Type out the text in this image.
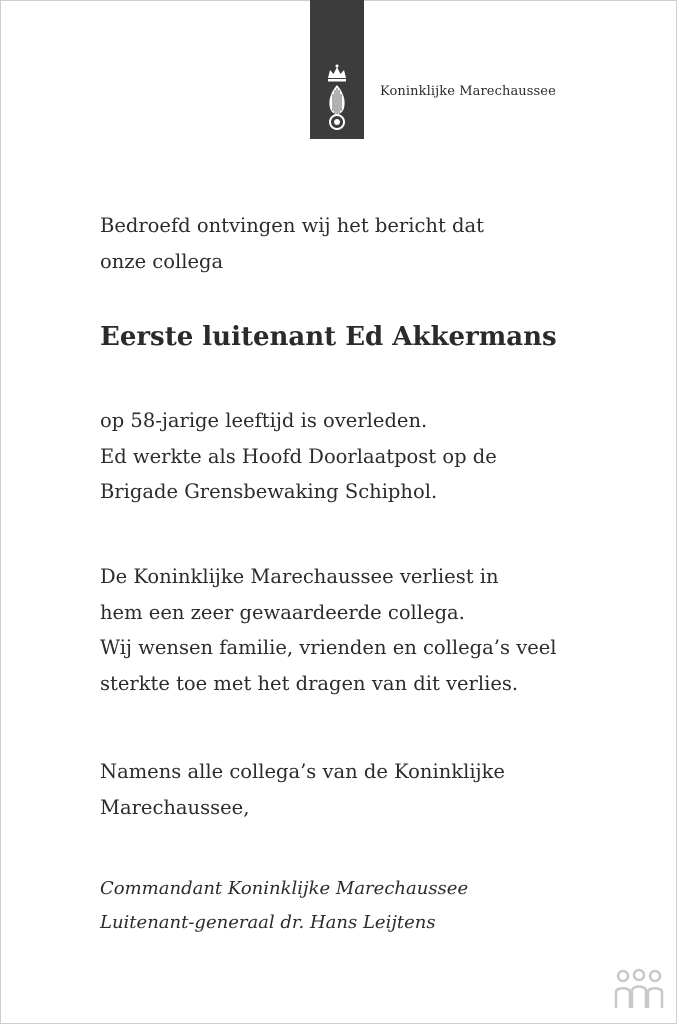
Koninklijke Marechaussee
Bedroefd ontvingen wij het bericht dat
onze collega
Eerste luitenant Ed Akkermans
op 58-jarige leeftijd is overleden.
Ed werkte als Hoofd Doorlaatpost op de
Brigade Grensbewaking Schiphol.
De Koninklijke Marechaussee verliest in
hem een zeer gewaardeerde collega.
Wij wensen familie, vrienden en collega’s veel
sterkte toe met het dragen van dit verlies.
Namens alle collega’s van de Koninklijke
Marechaussee,
Commandant Koninklijke Marechaussee
Luitenant-generaal dr. Hans Leijtens
